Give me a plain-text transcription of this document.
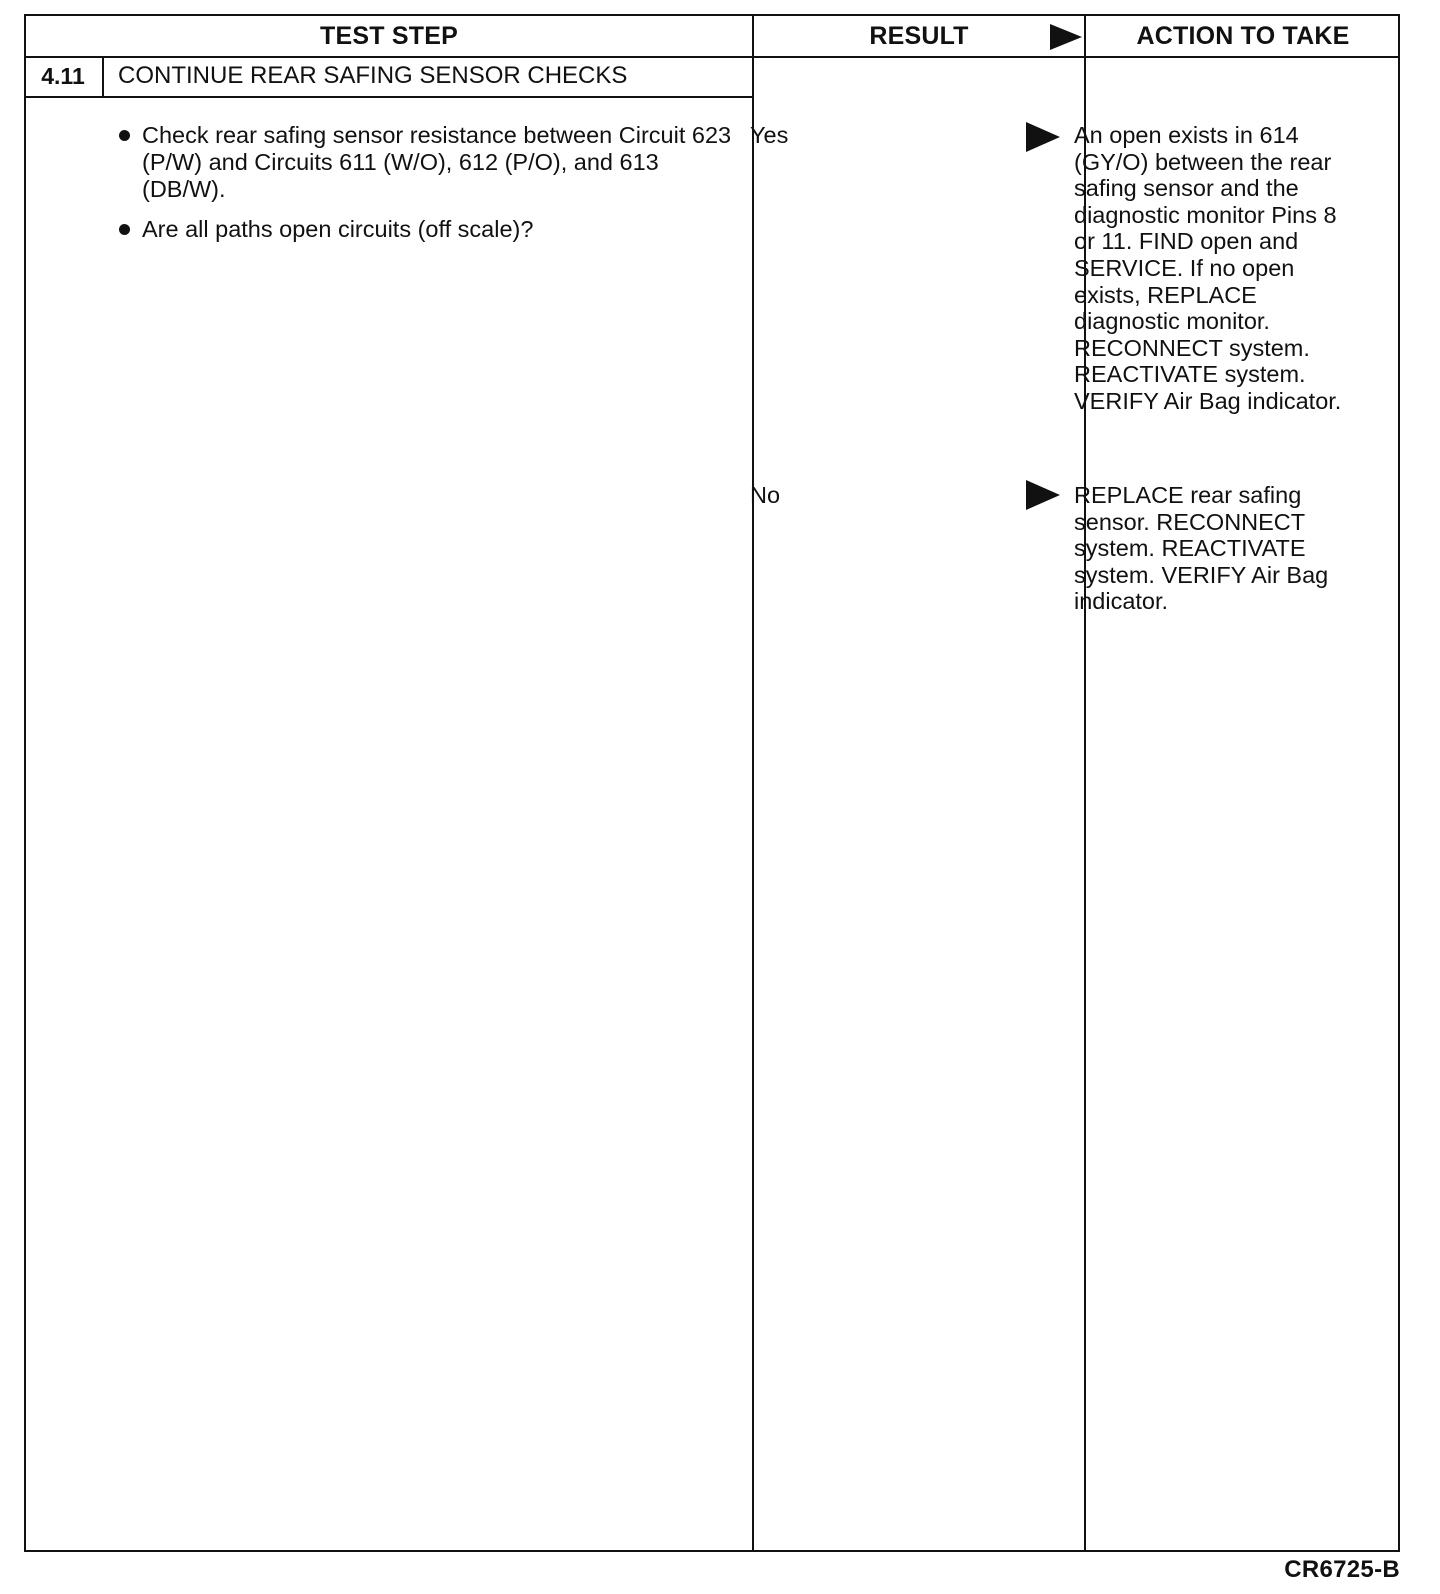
TEST STEP	RESULT	ACTION TO TAKE
4.11	CONTINUE REAR SAFING SENSOR CHECKS
Check rear safing sensor resistance between Circuit 623 (P/W) and Circuits 611 (W/O), 612 (P/O), and 613 (DB/W).
Are all paths open circuits (off scale)?
Yes	An open exists in 614 (GY/O) between the rear safing sensor and the diagnostic monitor Pins 8 or 11. FIND open and SERVICE. If no open exists, REPLACE diagnostic monitor. RECONNECT system. REACTIVATE system. VERIFY Air Bag indicator.

No	REPLACE rear safing sensor. RECONNECT system. REACTIVATE system. VERIFY Air Bag indicator.

CR6725-B
